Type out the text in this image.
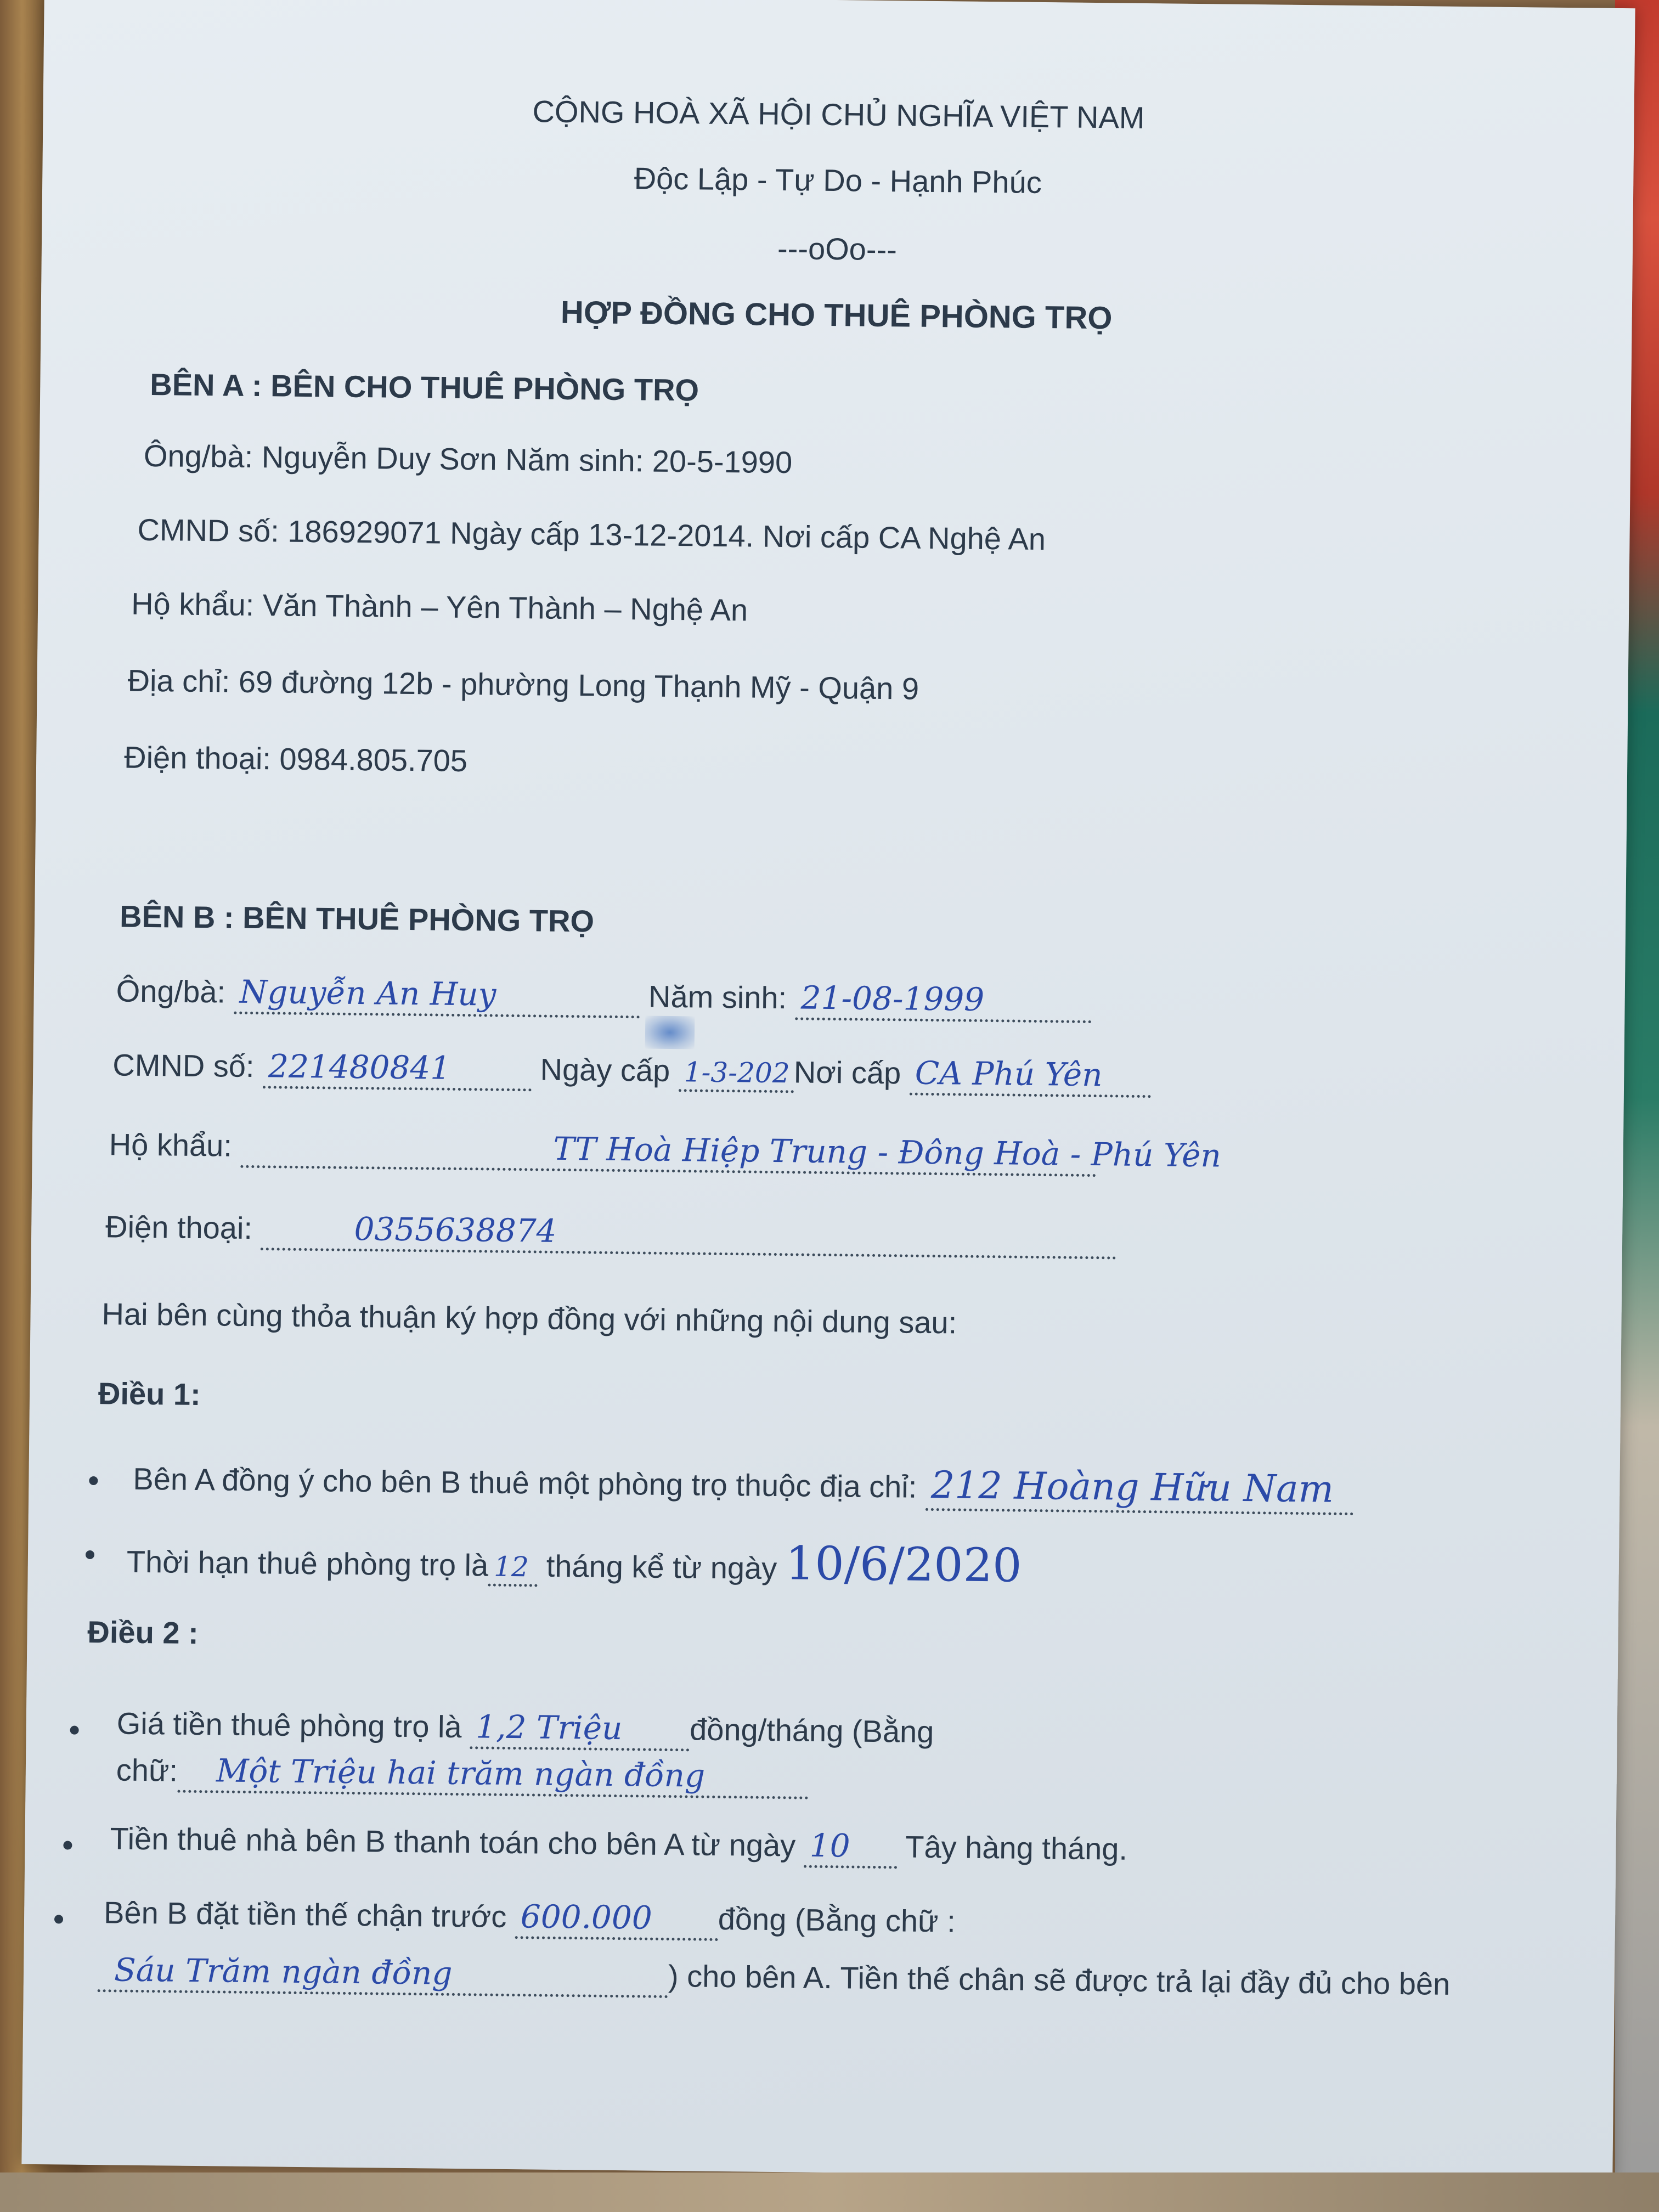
CỘNG HOÀ XÃ HỘI CHỦ NGHĨA VIỆT NAM
Độc Lập - Tự Do - Hạnh Phúc
---oOo---
HỢP ĐỒNG CHO THUÊ PHÒNG TRỌ
BÊN A : BÊN CHO THUÊ PHÒNG TRỌ
Ông/bà: Nguyễn Duy Sơn Năm sinh: 20-5-1990
CMND số: 186929071 Ngày cấp 13-12-2014. Nơi cấp CA Nghệ An
Hộ khẩu: Văn Thành – Yên Thành – Nghệ An
Địa chỉ: 69 đường 12b - phường Long Thạnh Mỹ - Quận 9
Điện thoại: 0984.805.705
BÊN B : BÊN THUÊ PHÒNG TRỌ
Ông/bà: Nguyễn An Huy	Năm sinh: 21-08-1999
CMND số: 221480841	Ngày cấp 1-3-202 Nơi cấp CA Phú Yên
Hộ khẩu:	TT Hoà Hiệp Trung - Đông Hoà - Phú Yên
Điện thoại:	0355638874
Hai bên cùng thỏa thuận ký hợp đồng với những nội dung sau:
Điều 1:
Bên A đồng ý cho bên B thuê một phòng trọ thuộc địa chỉ: 212 Hoàng Hữu Nam
Thời hạn thuê phòng trọ là 12 tháng kể từ ngày 10/6/2020
Điều 2 :
Giá tiền thuê phòng trọ là 1,2 Triệu đồng/tháng (Bằng
chữ: Một Triệu hai trăm ngàn đồng
Tiền thuê nhà bên B thanh toán cho bên A từ ngày 10 Tây hàng tháng.
Bên B đặt tiền thế chận trước 600.000 đồng (Bằng chữ :
Sáu Trăm ngàn đồng	) cho bên A. Tiền thế chân sẽ được trả lại đầy đủ cho bên
